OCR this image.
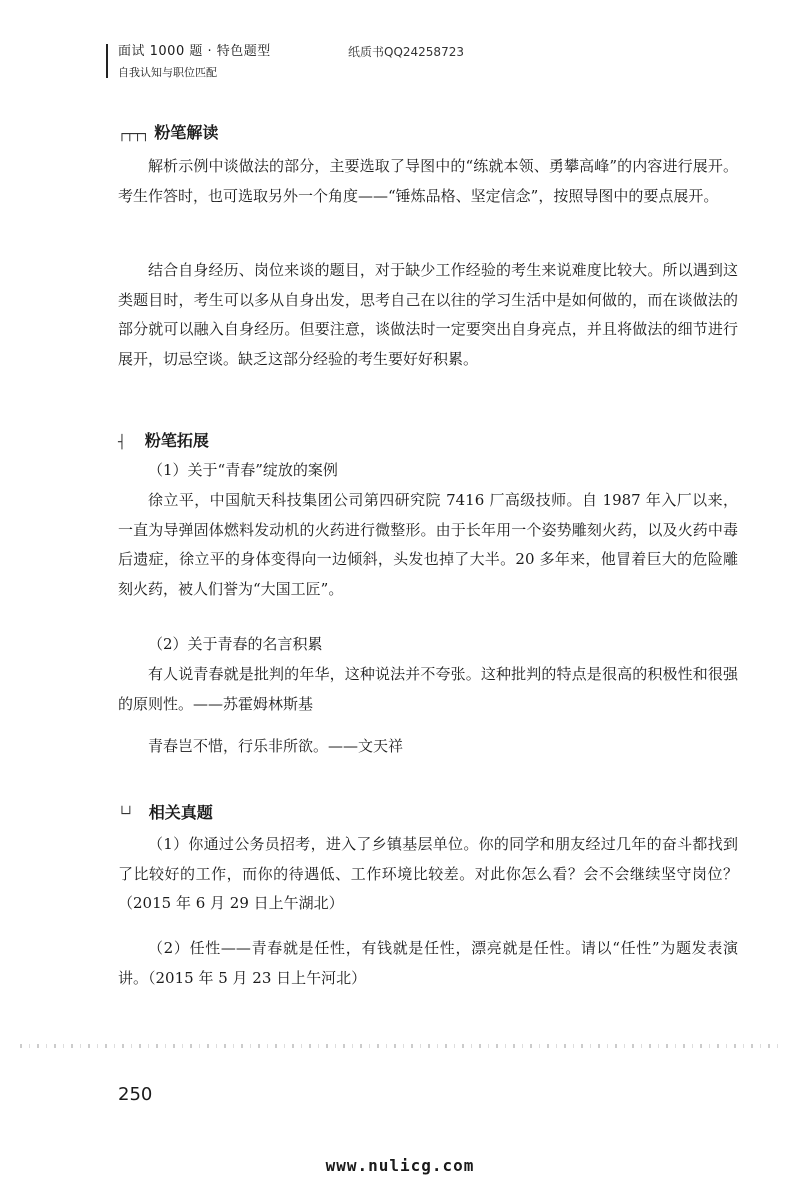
面试 1000 题 · 特色题型
自我认知与职位匹配
纸质书QQ24258723
┌┬┬┐ 粉笔解读

解析示例中谈做法的部分，主要选取了导图中的“练就本领、勇攀高峰”的内容进行展开。考生作答时，也可选取另外一个角度——“锤炼品格、坚定信念”，按照导图中的要点展开。

结合自身经历、岗位来谈的题目，对于缺少工作经验的考生来说难度比较大。所以遇到这类题目时，考生可以多从自身出发，思考自己在以往的学习生活中是如何做的，而在谈做法的部分就可以融入自身经历。但要注意，谈做法时一定要突出自身亮点，并且将做法的细节进行展开，切忌空谈。缺乏这部分经验的考生要好好积累。

┤ 粉笔拓展
（1）关于“青春”绽放的案例

徐立平，中国航天科技集团公司第四研究院 7416 厂高级技师。自 1987 年入厂以来，一直为导弹固体燃料发动机的火药进行微整形。由于长年用一个姿势雕刻火药，以及火药中毒后遗症，徐立平的身体变得向一边倾斜，头发也掉了大半。20 多年来，他冒着巨大的危险雕刻火药，被人们誉为“大国工匠”。

（2）关于青春的名言积累

有人说青春就是批判的年华，这种说法并不夸张。这种批判的特点是很高的积极性和很强的原则性。——苏霍姆林斯基

青春岂不惜，行乐非所欲。——文天祥

└┘ 相关真题

（1）你通过公务员招考，进入了乡镇基层单位。你的同学和朋友经过几年的奋斗都找到了比较好的工作，而你的待遇低、工作环境比较差。对此你怎么看？会不会继续坚守岗位？（2015 年 6 月 29 日上午湖北）

（2）任性——青春就是任性，有钱就是任性，漂亮就是任性。请以“任性”为题发表演讲。（2015 年 5 月 23 日上午河北）

250
www.nulicg.com
